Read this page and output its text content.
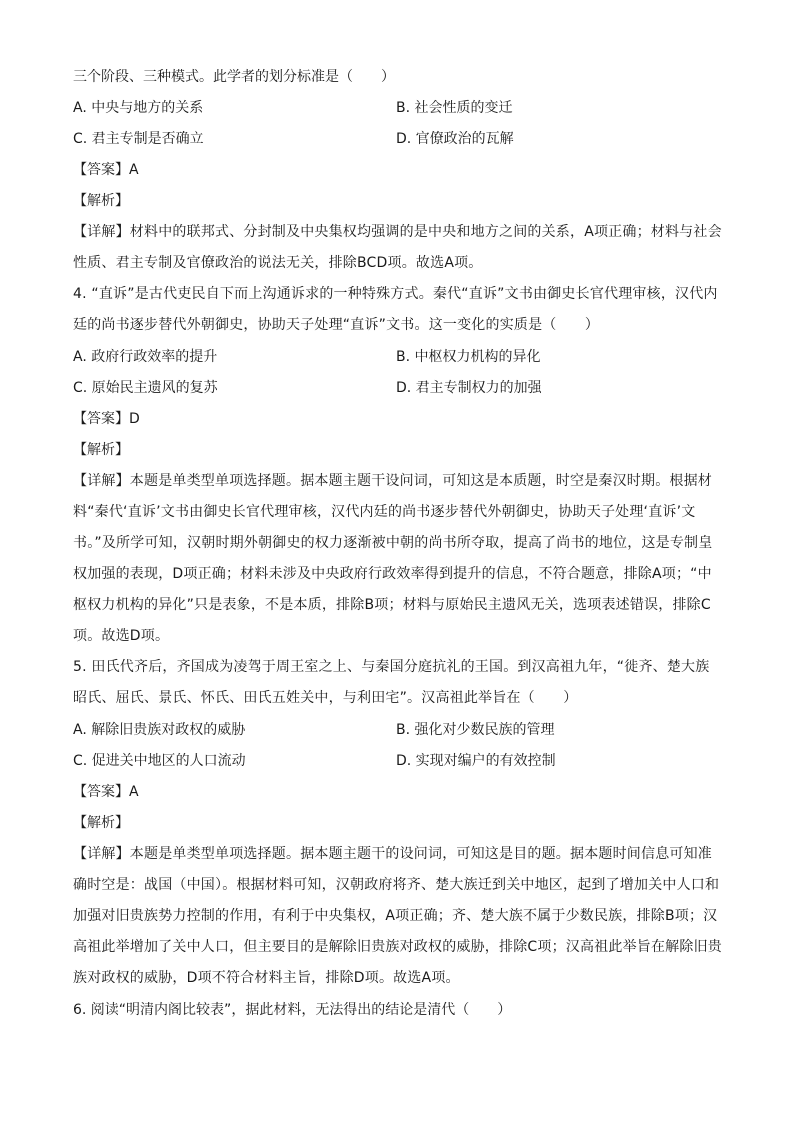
三个阶段、三种模式。此学者的划分标准是（　　）
A. 中央与地方的关系	B. 社会性质的变迁
C. 君主专制是否确立	D. 官僚政治的瓦解
【答案】A
【解析】
【详解】材料中的联邦式、分封制及中央集权均强调的是中央和地方之间的关系，A项正确；材料与社会性质、君主专制及官僚政治的说法无关，排除BCD项。故选A项。
4. “直诉”是古代吏民自下而上沟通诉求的一种特殊方式。秦代“直诉”文书由御史长官代理审核，汉代内廷的尚书逐步替代外朝御史，协助天子处理“直诉”文书。这一变化的实质是（　　）
A. 政府行政效率的提升	B. 中枢权力机构的异化
C. 原始民主遗风的复苏	D. 君主专制权力的加强
【答案】D
【解析】
【详解】本题是单类型单项选择题。据本题主题干设问词，可知这是本质题，时空是秦汉时期。根据材料“秦代‘直诉’文书由御史长官代理审核，汉代内廷的尚书逐步替代外朝御史，协助天子处理‘直诉’文书。”及所学可知，汉朝时期外朝御史的权力逐渐被中朝的尚书所夺取，提高了尚书的地位，这是专制皇权加强的表现，D项正确；材料未涉及中央政府行政效率得到提升的信息，不符合题意，排除A项；“中枢权力机构的异化”只是表象，不是本质，排除B项；材料与原始民主遗风无关，选项表述错误，排除C项。故选D项。
5. 田氏代齐后，齐国成为凌驾于周王室之上、与秦国分庭抗礼的王国。到汉高祖九年，“徙齐、楚大族昭氏、屈氏、景氏、怀氏、田氏五姓关中，与利田宅”。汉高祖此举旨在（　　）
A. 解除旧贵族对政权的威胁	B. 强化对少数民族的管理
C. 促进关中地区的人口流动	D. 实现对编户的有效控制
【答案】A
【解析】
【详解】本题是单类型单项选择题。据本题主题干的设问词，可知这是目的题。据本题时间信息可知准确时空是：战国（中国）。根据材料可知，汉朝政府将齐、楚大族迁到关中地区，起到了增加关中人口和加强对旧贵族势力控制的作用，有利于中央集权，A项正确；齐、楚大族不属于少数民族，排除B项；汉高祖此举增加了关中人口，但主要目的是解除旧贵族对政权的威胁，排除C项；汉高祖此举旨在解除旧贵族对政权的威胁，D项不符合材料主旨，排除D项。故选A项。
6. 阅读“明清内阁比较表”，据此材料，无法得出的结论是清代（　　）
